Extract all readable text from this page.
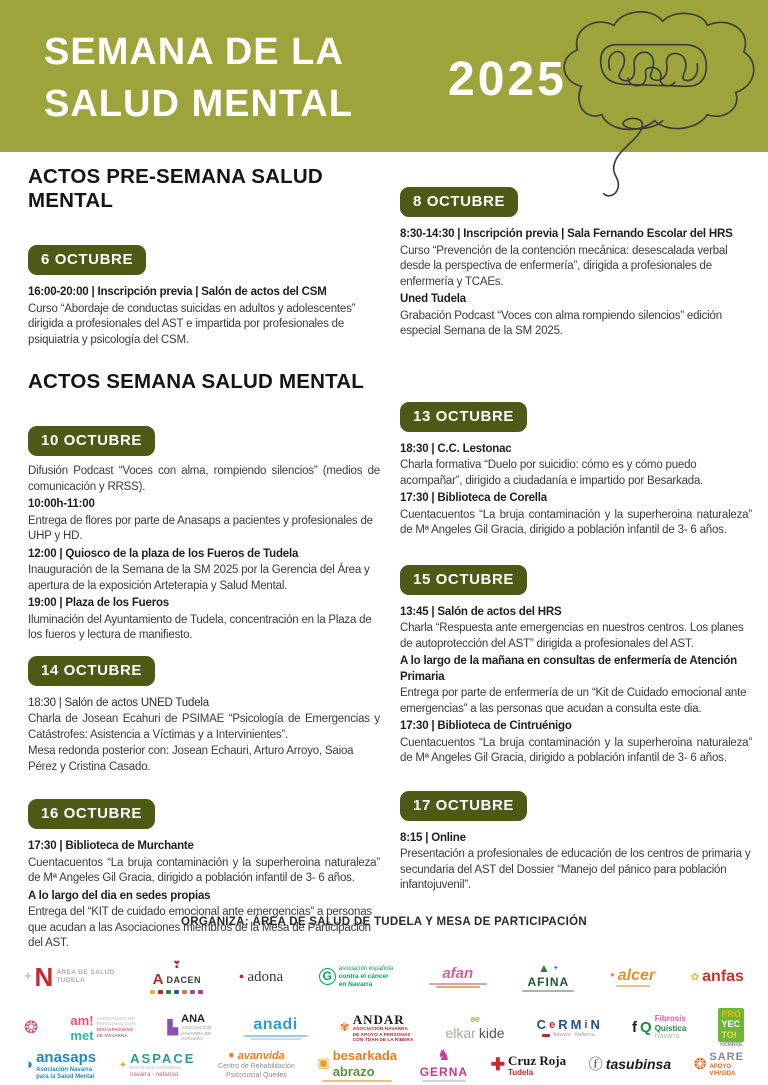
SEMANA DE LA
SALUD MENTAL 2025
ACTOS PRE-SEMANA SALUD MENTAL
6 OCTUBRE

16:00-20:00 | Inscripción previa | Salón de actos del CSM

Curso “Abordaje de conductas suicidas en adultos y adolescentes” dirigida a profesionales del AST e impartida por profesionales de psiquiatría y psicología del CSM.

ACTOS SEMANA SALUD MENTAL
10 OCTUBRE

Difusión Podcast “Voces con alma, rompiendo silencios” (medios de comunicación y RRSS).

10:00h-11:00

Entrega de flores por parte de Anasaps a pacientes y profesionales de UHP y HD.

12:00 | Quiosco de la plaza de los Fueros de Tudela

Inauguración de la Semana de la SM 2025 por la Gerencia del Área y apertura de la exposición Arteterapia y Salud Mental.

19:00 | Plaza de los Fueros

Iluminación del Ayuntamiento de Tudela, concentración en la Plaza de los fueros y lectura de manifiesto.

14 OCTUBRE

18:30 | Salón de actos UNED Tudela

Charla de Josean Ecahuri de PSIMAE “Psicología de Emergencias y Catástrofes: Asistencia a Víctimas y a Intervinientes”.

Mesa redonda posterior con: Josean Echauri, Arturo Arroyo, Saioa Pérez y Cristina Casado.

16 OCTUBRE

17:30 | Biblioteca de Murchante

Cuentacuentos “La bruja contaminación y la superheroina naturaleza” de Mª Angeles Gil Gracia, dirigido a población infantil de 3- 6 años.

A lo largo del dia en sedes propias

Entrega del “KIT de cuidado emocional ante emergencias” a personas que acudan a las Asociaciones miembros de la Mesa de Participación del AST.

8 OCTUBRE

8:30-14:30 | Inscripción previa | Sala Fernando Escolar del HRS

Curso “Prevención de la contención mecánica: desescalada verbal desde la perspectiva de enfermería”, dirigida a profesionales de enfermería y TCAEs.

Uned Tudela

Grabación Podcast “Voces con alma rompiendo silencios” edición especial Semana de la SM 2025.

13 OCTUBRE

18:30 | C.C. Lestonac

Charla formativa “Duelo por suicidio: cómo es y cómo puedo acompañar”, dirigido a ciudadanía e impartido por Besarkada.

17:30 | Biblioteca de Corella

Cuentacuentos “La bruja contaminación y la superheroina naturaleza” de Mª Angeles Gil Gracia, dirigido a población infantil de 3- 6 años.

15 OCTUBRE

13:45 | Salón de actos del HRS

Charla “Respuesta ante emergencias en nuestros centros. Los planes de autoprotección del AST” dirigida a profesionales del AST.

A lo largo de la mañana en consultas de enfermería de Atención Primaria

Entrega por parte de enfermería de un “Kit de Cuidado emocional ante emergencias” a las personas que acudan a consulta este dia.

17:30 | Biblioteca de Cintruénigo

Cuentacuentos “La bruja contaminación y la superheroina naturaleza” de Mª Angeles Gil Gracia, dirigido a población infantil de 3- 6 años.

17 OCTUBRE

8:15 | Online

Presentación a profesionales de educación de los centros de primaria y secundaria del AST del Dossier “Manejo del pánico para población infantojuvenil”.

ORGANIZA: ÁREA DE SALUD DE TUDELA Y MESA DE PARTICIPACIÓN
✚ N ÁREA DE SALUD
TUDELA
❣
A DACEN	● adona	G
asociación española
contra el cáncer
en Navarra
afan	▲ ✦
AFINA
● alcer	✿ anfas
❂ am!
met
ASOCIACIÓN DE
PERSONAS CON
DISCAPACIDAD
DE NAVARRA
▙
ANA
ASOCIACIÓN
NAVARRA DE
AUTISMO
anadi	✾
ANDAR
ASOCIACIÓN NAVARRA
DE APOYO A PERSONAS
CON TDAH DE LA RIBERA
ǝe
elkar kide
C e R M i N
Navarra · Nafarroa f Q Fibrosis
Quística
Navarra
PRO
YEC
TO!
HOMBRE
◑ anasaps
Asociación Navarra
para la Salud Mental
✦ ASPACE
PARÁLISIS CEREBRAL
navarra - nafarroa
✹ avanvida
Centro de Rehabilitación
Psicosocial Queiles
▣ besarkada
abrazo
♞
GERNA ✚ Cruz Roja
Tudela
ⓕ tasubinsa ❂ SARE
APOYO
VIH/SIDA
